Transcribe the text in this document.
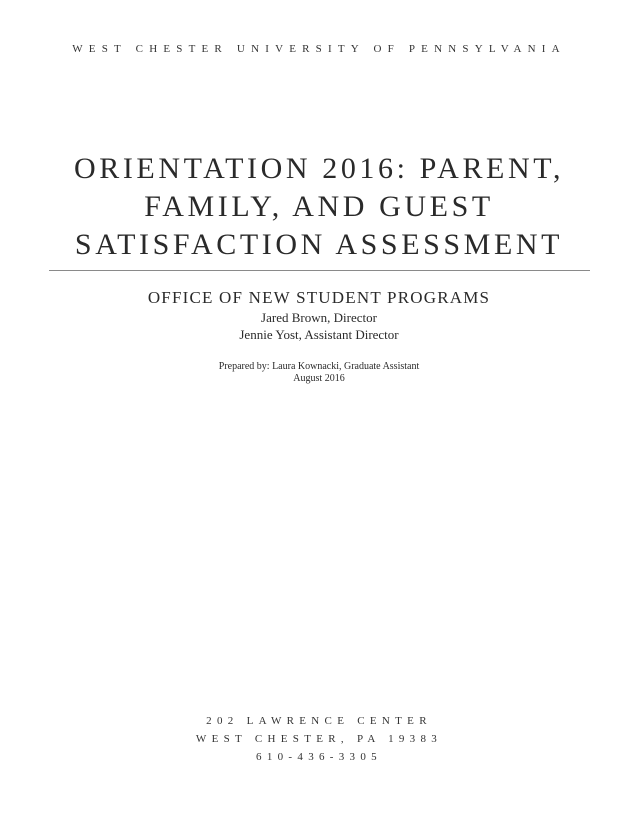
WEST CHESTER UNIVERSITY OF PENNSYLVANIA
ORIENTATION 2016: PARENT,
FAMILY, AND GUEST
SATISFACTION ASSESSMENT
OFFICE OF NEW STUDENT PROGRAMS
Jared Brown, Director
Jennie Yost, Assistant Director
Prepared by: Laura Kownacki, Graduate Assistant
August 2016
202 LAWRENCE CENTER
WEST CHESTER, PA 19383
610-436-3305
